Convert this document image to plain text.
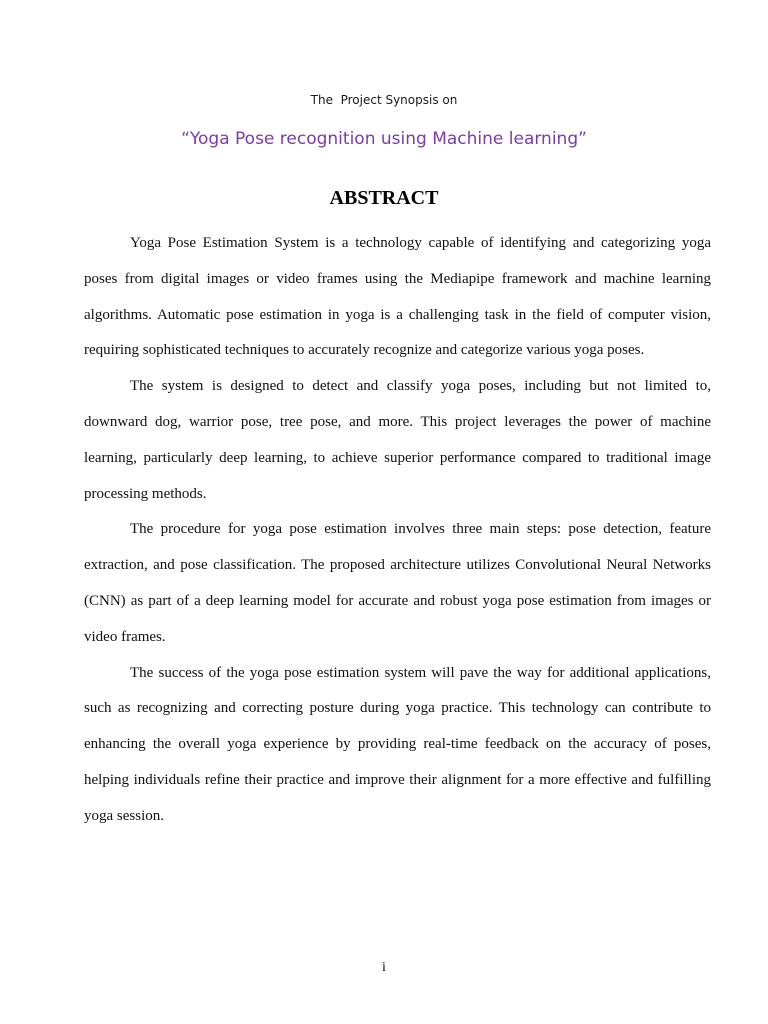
The  Project Synopsis on
“Yoga Pose recognition using Machine learning”
ABSTRACT

Yoga Pose Estimation System is a technology capable of identifying and categorizing yoga poses from digital images or video frames using the Mediapipe framework and machine learning algorithms. Automatic pose estimation in yoga is a challenging task in the field of computer vision, requiring sophisticated techniques to accurately recognize and categorize various yoga poses.

The system is designed to detect and classify yoga poses, including but not limited to, downward dog, warrior pose, tree pose, and more. This project leverages the power of machine learning, particularly deep learning, to achieve superior performance compared to traditional image processing methods.

The procedure for yoga pose estimation involves three main steps: pose detection, feature extraction, and pose classification. The proposed architecture utilizes Convolutional Neural Networks (CNN) as part of a deep learning model for accurate and robust yoga pose estimation from images or video frames.

The success of the yoga pose estimation system will pave the way for additional applications, such as recognizing and correcting posture during yoga practice. This technology can contribute to enhancing the overall yoga experience by providing real-time feedback on the accuracy of poses, helping individuals refine their practice and improve their alignment for a more effective and fulfilling yoga session.

i
